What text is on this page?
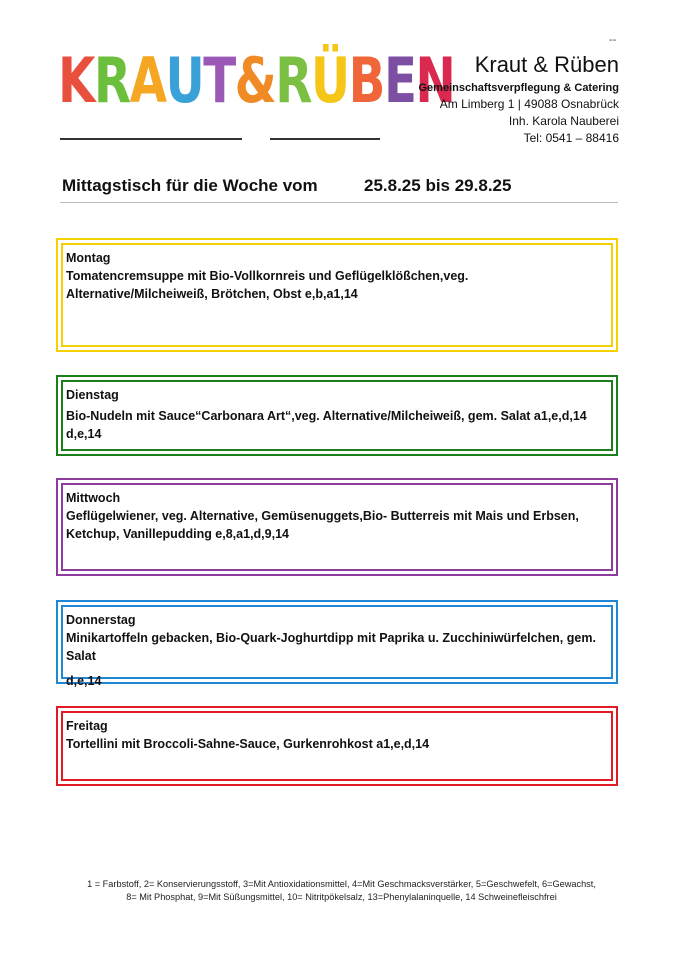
--
KRAUT&RÜBEN Kraut & Rüben
Gemeinschaftsverpflegung & Catering
Am Limberg 1 | 49088 Osnabrück
Inh. Karola Nauberei
Tel: 0541 – 88416
Mittagstisch für die Woche vom	25.8.25 bis 29.8.25
Montag
Tomatencremsuppe mit Bio-Vollkornreis und Geflügelklößchen,veg. Alternative/Milcheiweiß, Brötchen, Obst e,b,a1,14
Dienstag
Bio-Nudeln mit Sauce“Carbonara Art“,veg. Alternative/Milcheiweiß, gem. Salat a1,e,d,14 d,e,14
Mittwoch
Geflügelwiener, veg. Alternative, Gemüsenuggets,Bio- Butterreis mit Mais und Erbsen, Ketchup, Vanillepudding e,8,a1,d,9,14
Donnerstag
Minikartoffeln gebacken, Bio-Quark-Joghurtdipp mit Paprika u. Zucchiniwürfelchen, gem. Salat
d,e,14
Freitag
Tortellini mit Broccoli-Sahne-Sauce, Gurkenrohkost a1,e,d,14
1 = Farbstoff, 2= Konservierungsstoff, 3=Mit Antioxidationsmittel, 4=Mit Geschmacksverstärker, 5=Geschwefelt, 6=Gewachst,
8= Mit Phosphat, 9=Mit Süßungsmittel, 10= Nitritpökelsalz, 13=Phenylalaninquelle, 14 Schweinefleischfrei
